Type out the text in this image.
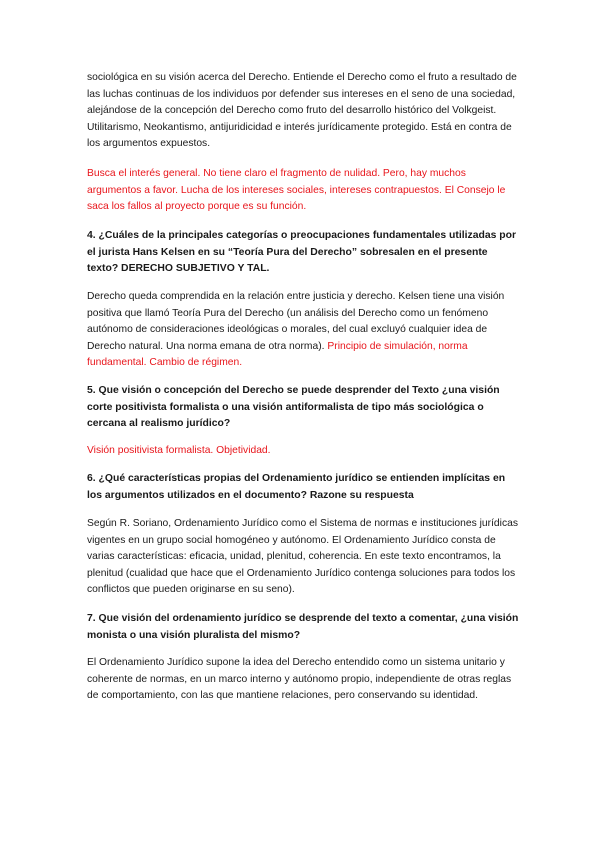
sociológica en su visión acerca del Derecho. Entiende el Derecho como el fruto a resultado de las luchas continuas de los individuos por defender sus intereses en el seno de una sociedad, alejándose de la concepción del Derecho como fruto del desarrollo histórico del Volkgeist. Utilitarismo, Neokantismo, antijuridicidad e interés jurídicamente protegido. Está en contra de los argumentos expuestos.

Busca el interés general. No tiene claro el fragmento de nulidad. Pero, hay muchos argumentos a favor. Lucha de los intereses sociales, intereses contrapuestos. El Consejo le saca los fallos al proyecto porque es su función.

4. ¿Cuáles de la principales categorías o preocupaciones fundamentales utilizadas por el jurista Hans Kelsen en su “Teoría Pura del Derecho” sobresalen en el presente texto? DERECHO SUBJETIVO Y TAL.

Derecho queda comprendida en la relación entre justicia y derecho. Kelsen tiene una visión positiva que llamó Teoría Pura del Derecho (un análisis del Derecho como un fenómeno autónomo de consideraciones ideológicas o morales, del cual excluyó cualquier idea de Derecho natural. Una norma emana de otra norma). Principio de simulación, norma fundamental. Cambio de régimen.

5. Que visión o concepción del Derecho se puede desprender del Texto ¿una visión corte positivista formalista o una visión antiformalista de tipo más sociológica o cercana al realismo jurídico?

Visión positivista formalista. Objetividad.

6. ¿Qué características propias del Ordenamiento jurídico se entienden implícitas en los argumentos utilizados en el documento? Razone su respuesta

Según R. Soriano, Ordenamiento Jurídico como el Sistema de normas e instituciones jurídicas vigentes en un grupo social homogéneo y autónomo. El Ordenamiento Jurídico consta de varias características: eficacia, unidad, plenitud, coherencia. En este texto encontramos, la plenitud (cualidad que hace que el Ordenamiento Jurídico contenga soluciones para todos los conflictos que pueden originarse en su seno).

7. Que visión del ordenamiento jurídico se desprende del texto a comentar, ¿una visión monista o una visión pluralista del mismo?

El Ordenamiento Jurídico supone la idea del Derecho entendido como un sistema unitario y coherente de normas, en un marco interno y autónomo propio, independiente de otras reglas de comportamiento, con las que mantiene relaciones, pero conservando su identidad.
